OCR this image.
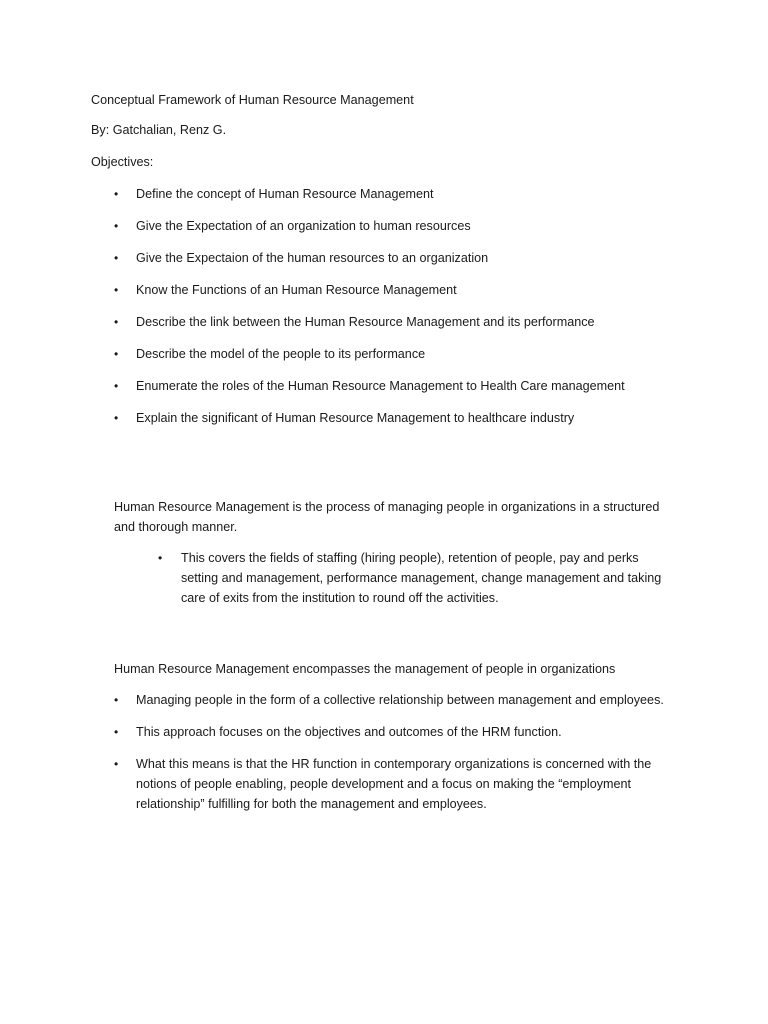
Conceptual Framework of Human Resource Management
By: Gatchalian, Renz G.
Objectives:
• Define the concept of Human Resource Management
• Give the Expectation of an organization to human resources
• Give the Expectaion of the human resources to an organization
• Know the Functions of an Human Resource Management
• Describe the link between the Human Resource Management and its performance
• Describe the model of the people to its performance
• Enumerate the roles of the Human Resource Management to Health Care management
• Explain the significant of Human Resource Management to healthcare industry
Human Resource Management is the process of managing people in organizations in a structured
and thorough manner.
• This covers the fields of staffing (hiring people), retention of people, pay and perks
setting and management, performance management, change management and taking
care of exits from the institution to round off the activities.
Human Resource Management encompasses the management of people in organizations
• Managing people in the form of a collective relationship between management and employees.
• This approach focuses on the objectives and outcomes of the HRM function.
• What this means is that the HR function in contemporary organizations is concerned with the
notions of people enabling, people development and a focus on making the “employment
relationship” fulfilling for both the management and employees.
